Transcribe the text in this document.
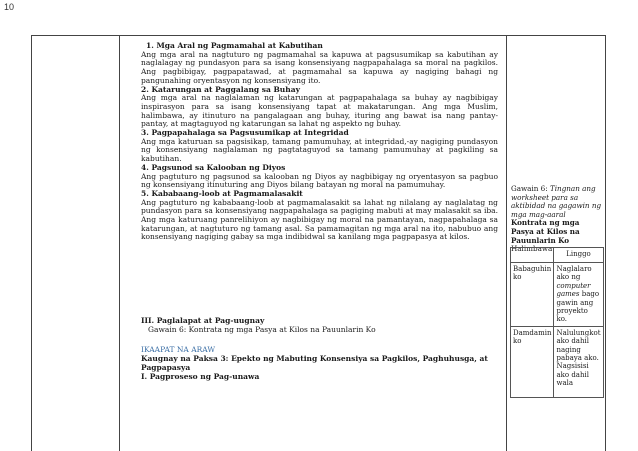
10

1. Mga Aral ng Pagmamahal at Kabutihan

Ang mga aral na nagtuturo ng pagmamahal sa kapuwa at pagsusumikap sa kabutihan ay naglalagay ng pundasyon para sa isang konsensiyang nagpapahalaga sa moral na pagkilos. Ang pagbibigay, pagpapatawad, at pagmamahal sa kapuwa ay nagiging bahagi ng pangunahing oryentasyon ng konsensiyang ito.

2. Katarungan at Paggalang sa Buhay

Ang mga aral na naglalaman ng katarungan at pagpapahalaga sa buhay ay nagbibigay inspirasyon para sa isang konsensiyang tapat at makatarungan. Ang mga Muslim, halimbawa, ay itinuturo na pangalagaan ang buhay, ituring ang bawat isa nang pantay-pantay, at magtaguyod ng katarungan sa lahat ng aspekto ng buhay.

3. Pagpapahalaga sa Pagsusumikap at Integridad

Ang mga katuruan sa pagsisikap, tamang pamumuhay, at integridad,-ay nagiging pundasyon ng konsensiyang naglalaman ng pagtataguyod sa tamang pamumuhay at pagkiling sa kabutihan.

4. Pagsunod sa Kalooban ng Diyos

Ang pagtuturo ng pagsunod sa kalooban ng Diyos ay nagbibigay ng oryentasyon sa pagbuo ng konsensiyang itinuturing ang Diyos bilang batayan ng moral na pamumuhay.

5. Kababaang-loob at Pagmamalasakit

Ang pagtuturo ng kababaang-loob at pagmamalasakit sa lahat ng nilalang ay naglalatag ng pundasyon para sa konsensiyang nagpapahalaga sa pagiging mabuti at may malasakit sa iba. Ang mga katuruang panrelihiyon ay nagbibigay ng moral na pamantayan, nagpapahalaga sa katarungan, at nagtuturo ng tamang asal. Sa pamamagitan ng mga aral na ito, nabubuo ang konsensiyang nagiging gabay sa mga indibidwal sa kanilang mga pagpapasya at kilos.

III. Paglalapat at Pag-uugnay
Gawain 6: Kontrata ng mga Pasya at Kilos na Pauunlarin Ko
IKAAPAT NA ARAW
Kaugnay na Paksa 3: Epekto ng Mabuting Konsensiya sa Pagkilos, Paghuhusga, at Pagpapasya
I. Pagproseso ng Pag-unawa
Gawain 6: Tingnan ang worksheet para sa aktibidad na gagawin ng mga mag-aaral
Kontrata ng mga Pasya at Kilos na Pauunlarin Ko
Halimbawa:
	Linggo
Babaguhin ko	Naglalaro ako ng computer games bago gawin ang proyekto ko.
Damdamin ko	Nalulungkot ako dahil naging pabaya ako. Nagsisisi ako dahil wala
